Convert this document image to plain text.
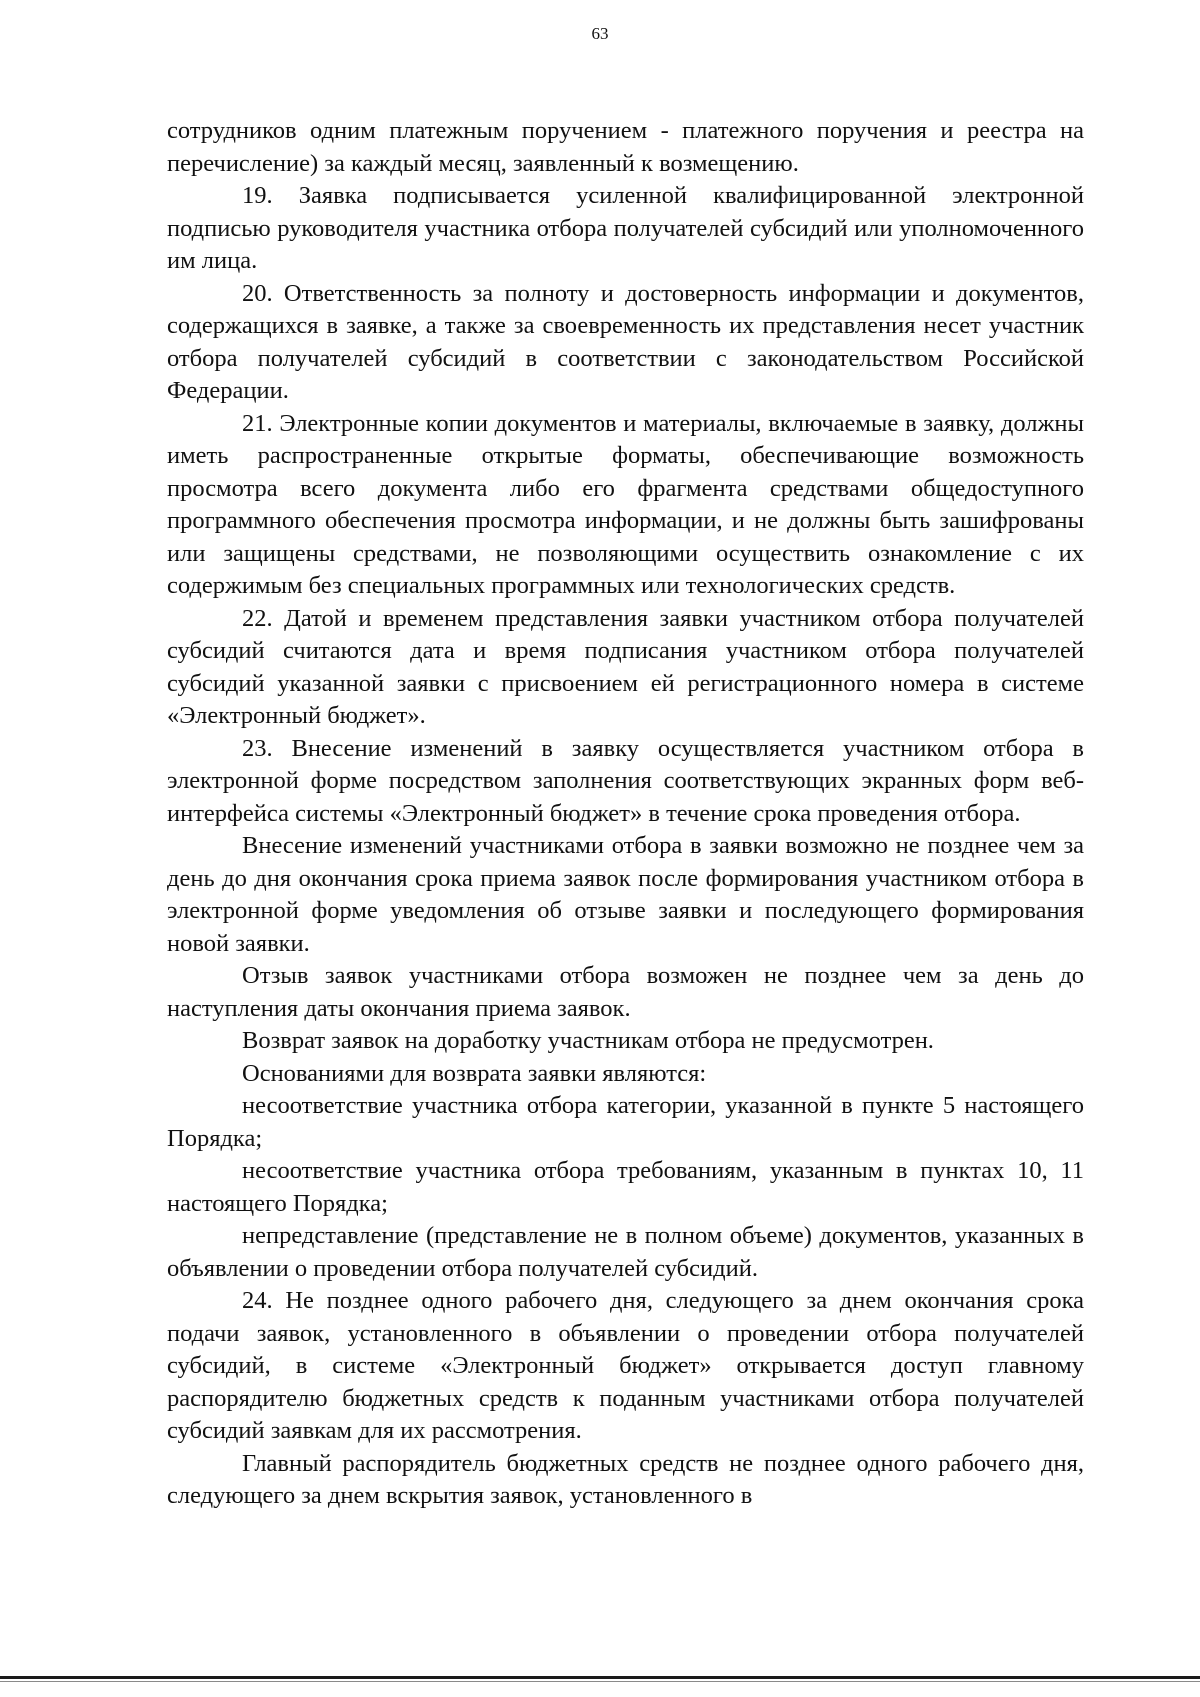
63

сотрудников одним платежным поручением - платежного поручения и реестра на перечисление) за каждый месяц, заявленный к возмещению.

19. Заявка подписывается усиленной квалифицированной электронной подписью руководителя участника отбора получателей субсидий или уполномоченного им лица.

20. Ответственность за полноту и достоверность информации и документов, содержащихся в заявке, а также за своевременность их представления несет участник отбора получателей субсидий в соответствии с законодательством Российской Федерации.

21. Электронные копии документов и материалы, включаемые в заявку, должны иметь распространенные открытые форматы, обеспечивающие возможность просмотра всего документа либо его фрагмента средствами общедоступного программного обеспечения просмотра информации, и не должны быть зашифрованы или защищены средствами, не позволяющими осуществить ознакомление с их содержимым без специальных программных или технологических средств.

22. Датой и временем представления заявки участником отбора получателей субсидий считаются дата и время подписания участником отбора получателей субсидий указанной заявки с присвоением ей регистрационного номера в системе «Электронный бюджет».

23. Внесение изменений в заявку осуществляется участником отбора в электронной форме посредством заполнения соответствующих экранных форм веб-интерфейса системы «Электронный бюджет» в течение срока проведения отбора.

Внесение изменений участниками отбора в заявки возможно не позднее чем за день до дня окончания срока приема заявок после формирования участником отбора в электронной форме уведомления об отзыве заявки и последующего формирования новой заявки.

Отзыв заявок участниками отбора возможен не позднее чем за день до наступления даты окончания приема заявок.

Возврат заявок на доработку участникам отбора не предусмотрен.

Основаниями для возврата заявки являются:

несоответствие участника отбора категории, указанной в пункте 5 настоящего Порядка;

несоответствие участника отбора требованиям, указанным в пунктах 10, 11 настоящего Порядка;

непредставление (представление не в полном объеме) документов, указанных в объявлении о проведении отбора получателей субсидий.

24. Не позднее одного рабочего дня, следующего за днем окончания срока подачи заявок, установленного в объявлении о проведении отбора получателей субсидий, в системе «Электронный бюджет» открывается доступ главному распорядителю бюджетных средств к поданным участниками отбора получателей субсидий заявкам для их рассмотрения.

Главный распорядитель бюджетных средств не позднее одного рабочего дня, следующего за днем вскрытия заявок, установленного в
